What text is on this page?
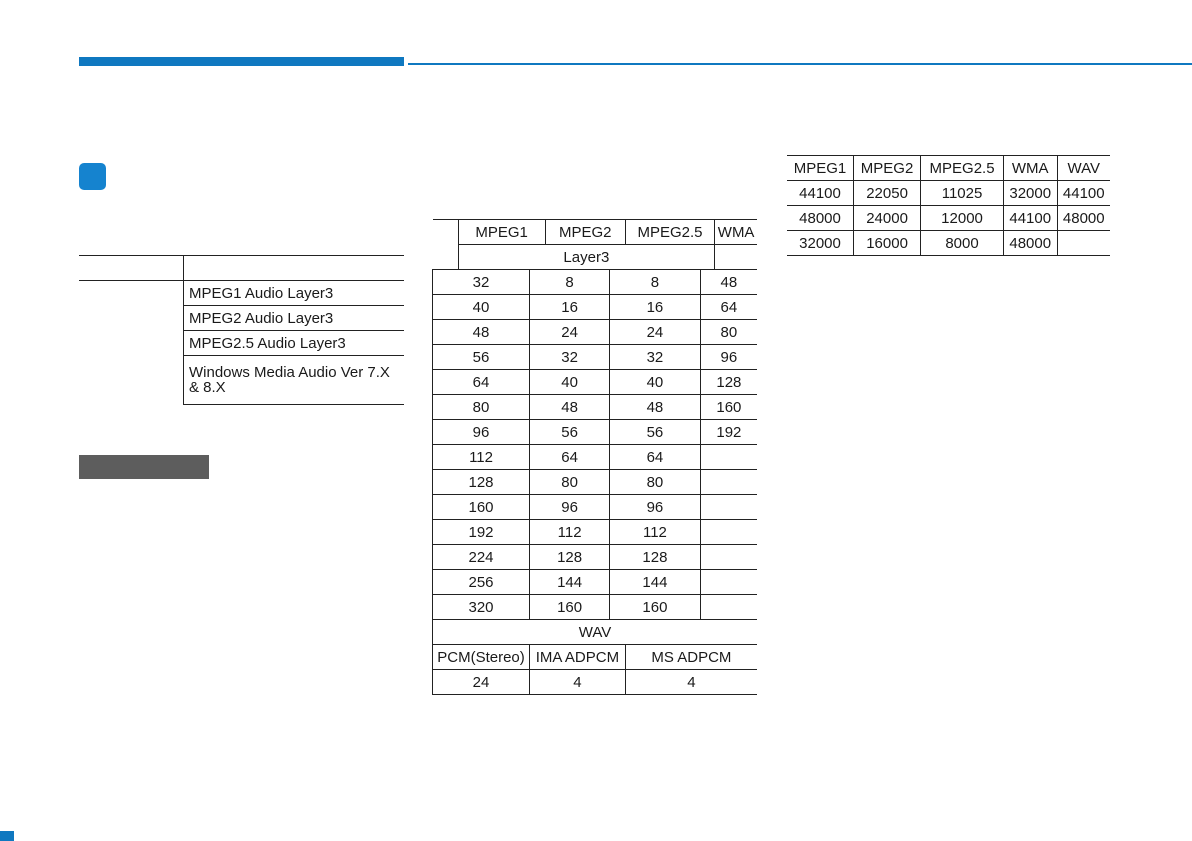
	MPEG1 Audio Layer3
	MPEG2 Audio Layer3
	MPEG2.5 Audio Layer3
	Windows Media Audio Ver 7.X & 8.X
	MPEG1		MPEG2		MPEG2.5		WMA
	Layer3						
32		8		8		48	
40		16		16		64	
48		24		24		80	
56		32		32		96	
64		40		40		128	
80		48		48		160	
96		56		56		192	
112		64		64			
128		80		80			
160		96		96			
192		112		112			
224		128		128			
256		144		144			
320		160		160			
WAV							
PCM(Stereo)		IMA ADPCM			MS ADPCM		
24		4			4		
MPEG1	MPEG2	MPEG2.5	WMA	WAV
44100	22050	11025	32000	44100
48000	24000	12000	44100	48000
32000	16000	8000	48000	
